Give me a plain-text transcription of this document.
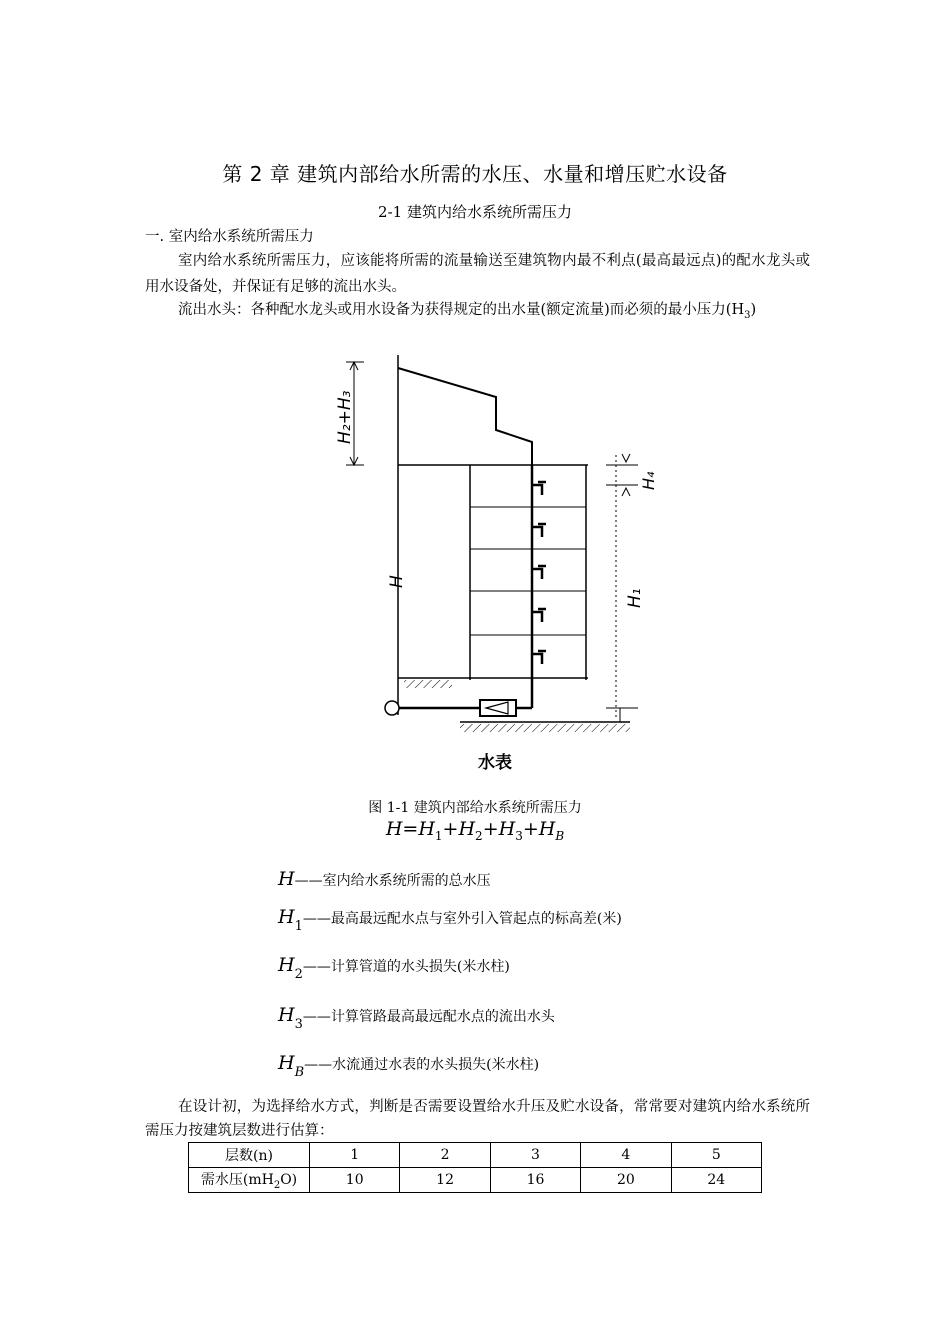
第 2 章 建筑内部给水所需的水压、水量和增压贮水设备
2-1 建筑内给水系统所需压力
一. 室内给水系统所需压力
室内给水系统所需压力，应该能将所需的流量输送至建筑物内最不利点(最高最远点)的配水龙头或用水设备处，并保证有足够的流出水头。
流出水头：各种配水龙头或用水设备为获得规定的出水量(额定流量)而必须的最小压力$(H_3)$
H₂+H₃
H
H₄
H₁
水表
图 1-1 建筑内部给水系统所需压力
$H=H_1+H_2+H_3+H_B$
H——室内给水系统所需的总水压
H1——最高最远配水点与室外引入管起点的标高差(米)
H2——计算管道的水头损失(米水柱)
H3——计算管路最高最远配水点的流出水头
HB——水流通过水表的水头损失(米水柱)
在设计初，为选择给水方式，判断是否需要设置给水升压及贮水设备，常常要对建筑内给水系统所需压力按建筑层数进行估算：
层数(n)	1	2	3	4	5
需水压$(mH_2O)$	10	12	16	20	24
